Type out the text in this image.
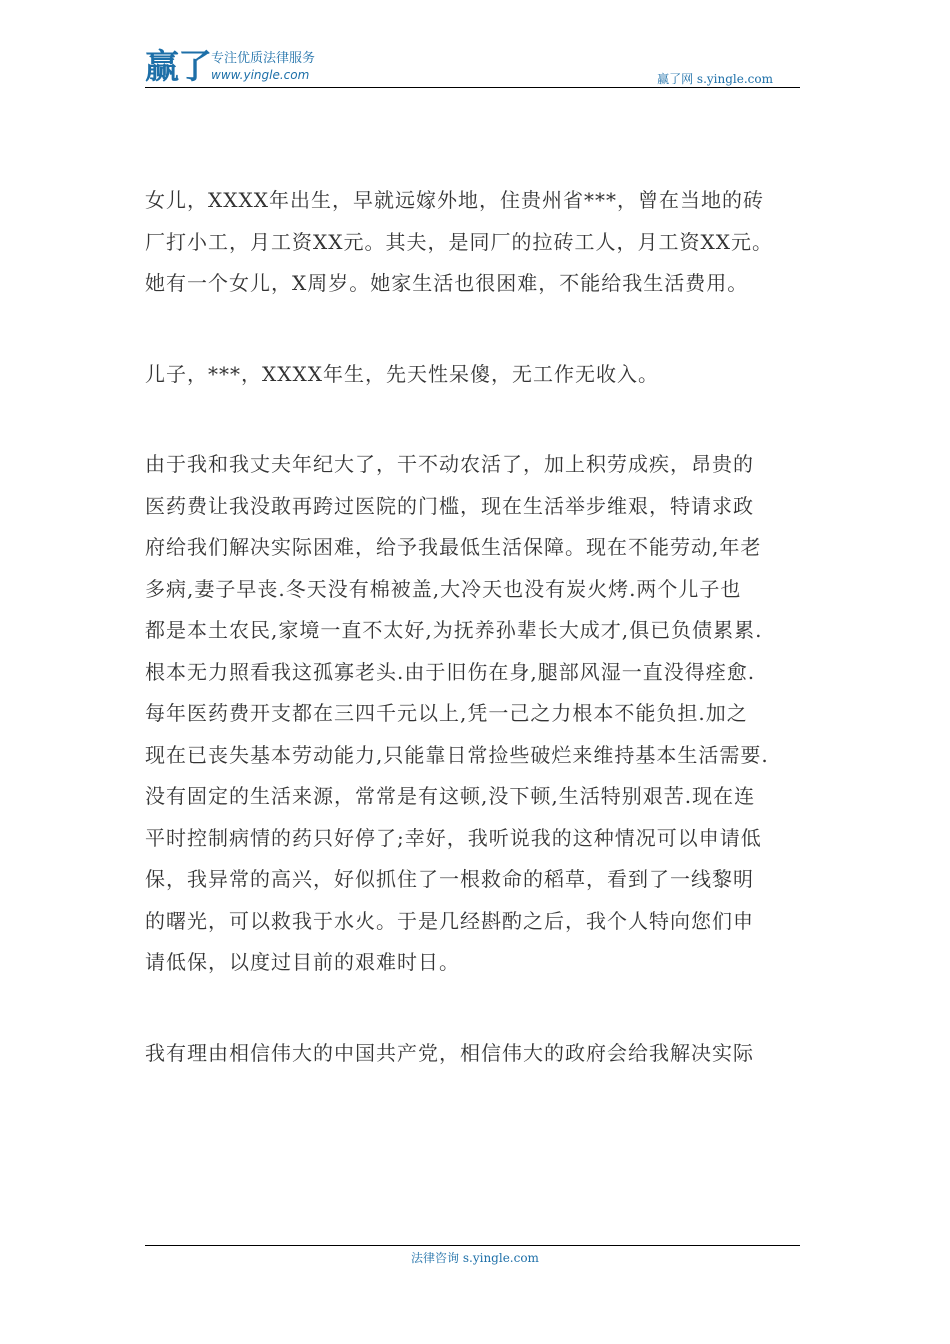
赢了 专注优质法律服务
www.yingle.com	赢了网 s.yingle.com

女儿，XXXX年出生，早就远嫁外地，住贵州省***，曾在当地的砖
厂打小工，月工资XX元。其夫，是同厂的拉砖工人，月工资XX元。
她有一个女儿，X周岁。她家生活也很困难，不能给我生活费用。

儿子，***，XXXX年生，先天性呆傻，无工作无收入。

由于我和我丈夫年纪大了，干不动农活了，加上积劳成疾，昂贵的
医药费让我没敢再跨过医院的门槛，现在生活举步维艰，特请求政
府给我们解决实际困难，给予我最低生活保障。现在不能劳动,年老
多病,妻子早丧.冬天没有棉被盖,大冷天也没有炭火烤.两个儿子也
都是本土农民,家境一直不太好,为抚养孙辈长大成才,俱已负债累累.
根本无力照看我这孤寡老头.由于旧伤在身,腿部风湿一直没得痊愈.
每年医药费开支都在三四千元以上,凭一己之力根本不能负担.加之
现在已丧失基本劳动能力,只能靠日常捡些破烂来维持基本生活需要.
没有固定的生活来源，常常是有这顿,没下顿,生活特别艰苦.现在连
平时控制病情的药只好停了;幸好，我听说我的这种情况可以申请低
保，我异常的高兴，好似抓住了一根救命的稻草，看到了一线黎明
的曙光，可以救我于水火。于是几经斟酌之后，我个人特向您们申
请低保，以度过目前的艰难时日。

我有理由相信伟大的中国共产党，相信伟大的政府会给我解决实际

法律咨询 s.yingle.com
